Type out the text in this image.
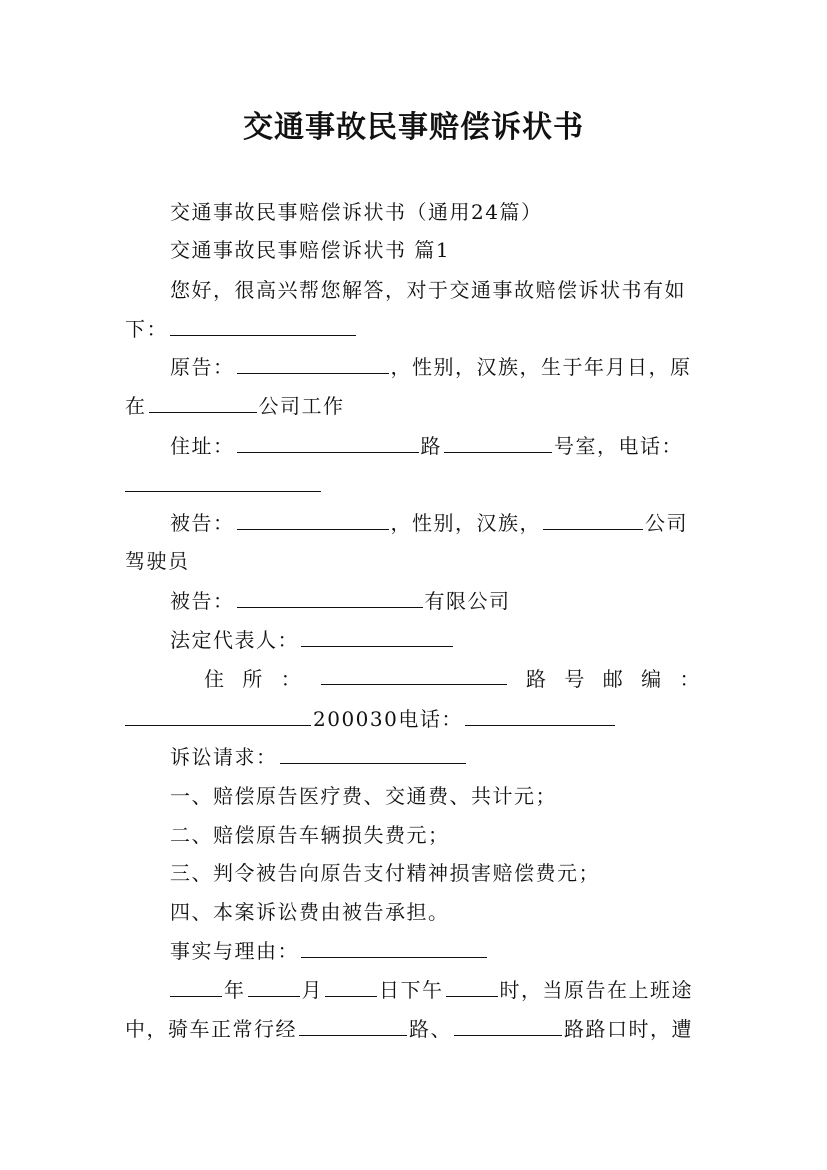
交通事故民事赔偿诉状书
交通事故民事赔偿诉状书（通用24篇）
交通事故民事赔偿诉状书 篇1
您好，很高兴帮您解答，对于交通事故赔偿诉状书有如
下：
原告：	，性别，汉族，生于年月日，原
在	公司工作
住址：	路	号室，电话：
被告：	，性别，汉族，	公司
驾驶员
被告：	有限公司
法定代表人：
住 所 ：	路 号 邮 编 ：
200030电话：
诉讼请求：
一、赔偿原告医疗费、交通费、共计元；
二、赔偿原告车辆损失费元；
三、判令被告向原告支付精神损害赔偿费元；
四、本案诉讼费由被告承担。
事实与理由：
年	月	日下午	时，当原告在上班途
中，骑车正常行经	路、	路路口时，遭
